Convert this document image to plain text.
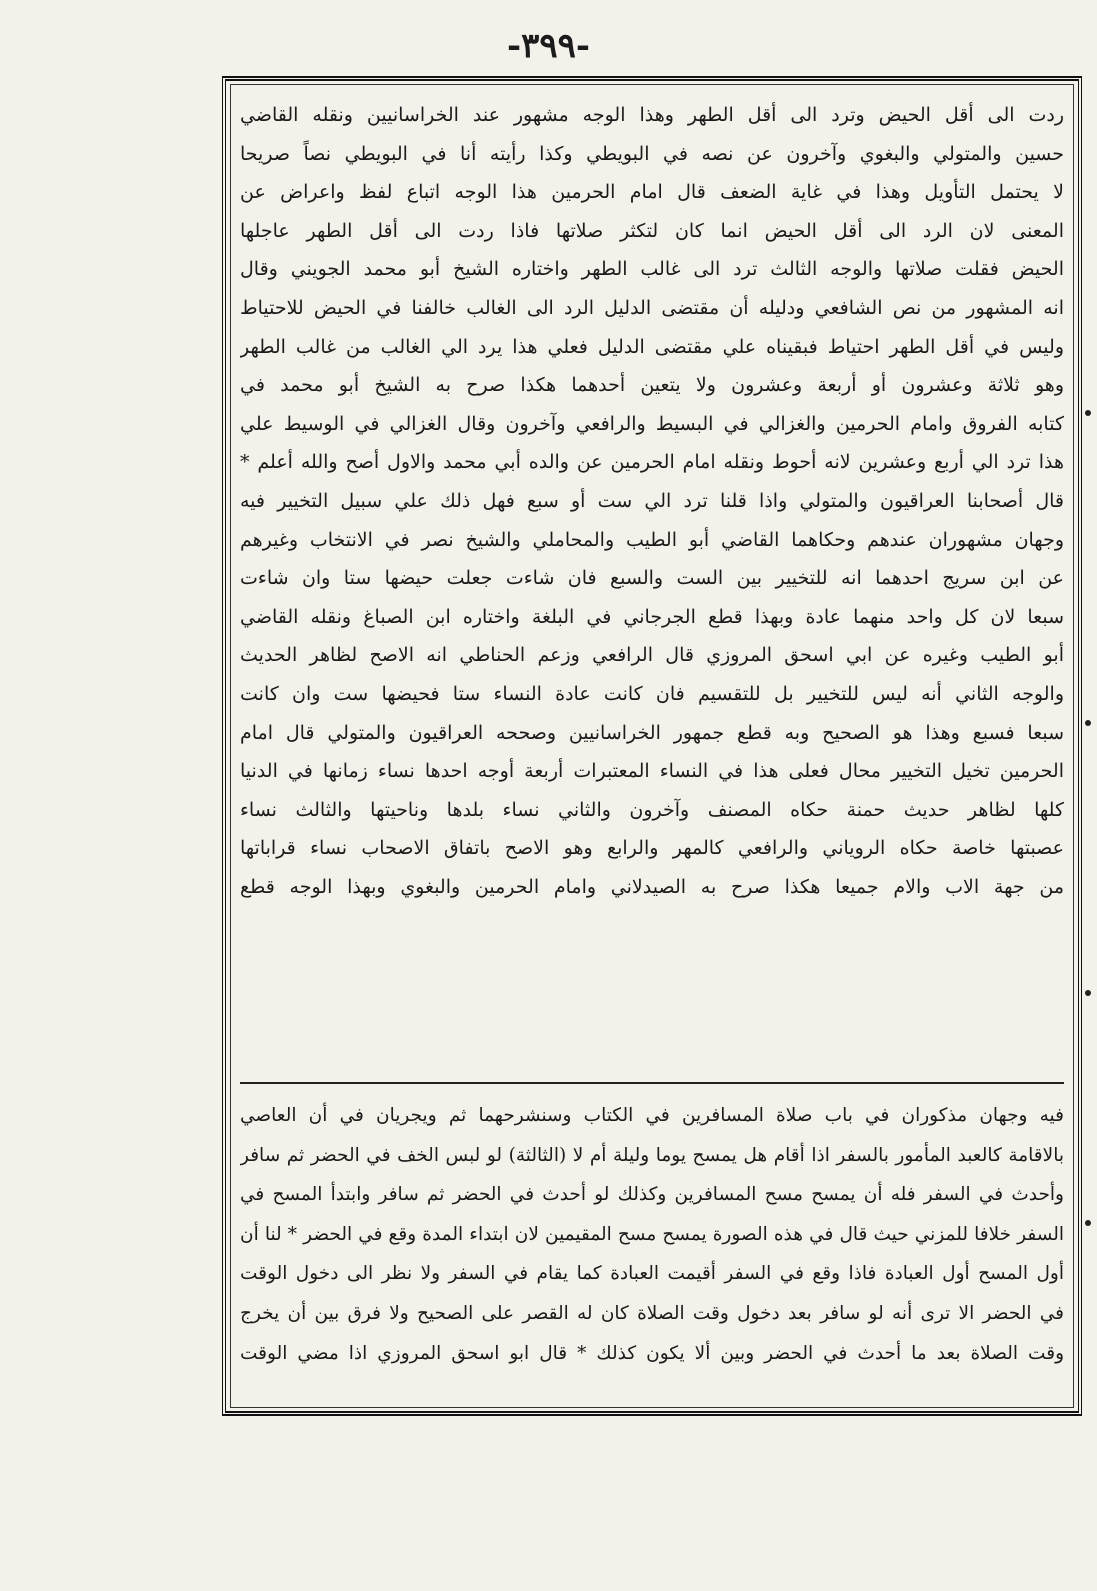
-٣٩٩-
ردت الى أقل الحيض وترد الى أقل الطهر وهذا الوجه مشهور عند الخراسانيين ونقله القاضي
حسين والمتولي والبغوي وآخرون عن نصه في البويطي وكذا رأيته أنا في البويطي نصاً صريحا
لا يحتمل التأويل وهذا في غاية الضعف قال امام الحرمين هذا الوجه اتباع لفظ واعراض عن
المعنى لان الرد الى أقل الحيض انما كان لتكثر صلاتها فاذا ردت الى أقل الطهر عاجلها
الحيض فقلت صلاتها والوجه الثالث ترد الى غالب الطهر واختاره الشيخ أبو محمد الجويني وقال
انه المشهور من نص الشافعي ودليله أن مقتضى الدليل الرد الى الغالب خالفنا في الحيض للاحتياط
وليس في أقل الطهر احتياط فبقيناه علي مقتضى الدليل فعلي هذا يرد الي الغالب من غالب الطهر
وهو ثلاثة وعشرون أو أربعة وعشرون ولا يتعين أحدهما هكذا صرح به الشيخ أبو محمد في
كتابه الفروق وامام الحرمين والغزالي في البسيط والرافعي وآخرون وقال الغزالي في الوسيط علي
هذا ترد الي أربع وعشرين لانه أحوط ونقله امام الحرمين عن والده أبي محمد والاول أصح والله أعلم *
قال أصحابنا العراقيون والمتولي واذا قلنا ترد الي ست أو سبع فهل ذلك علي سبيل التخيير فيه
وجهان مشهوران عندهم وحكاهما القاضي أبو الطيب والمحاملي والشيخ نصر في الانتخاب وغيرهم
عن ابن سريج احدهما انه للتخيير بين الست والسبع فان شاءت جعلت حيضها ستا وان شاءت
سبعا لان كل واحد منهما عادة وبهذا قطع الجرجاني في البلغة واختاره ابن الصباغ ونقله القاضي
أبو الطيب وغيره عن ابي اسحق المروزي قال الرافعي وزعم الحناطي انه الاصح لظاهر الحديث
والوجه الثاني أنه ليس للتخيير بل للتقسيم فان كانت عادة النساء ستا فحيضها ست وان كانت
سبعا فسبع وهذا هو الصحيح وبه قطع جمهور الخراسانيين وصححه العراقيون والمتولي قال امام
الحرمين تخيل التخيير محال فعلى هذا في النساء المعتبرات أربعة أوجه احدها نساء زمانها في الدنيا
كلها لظاهر حديث حمنة حكاه المصنف وآخرون والثاني نساء بلدها وناحيتها والثالث نساء
عصبتها خاصة حكاه الروياني والرافعي كالمهر والرابع وهو الاصح باتفاق الاصحاب نساء قراباتها
من جهة الاب والام جميعا هكذا صرح به الصيدلاني وامام الحرمين والبغوي وبهذا الوجه قطع
فيه وجهان مذكوران في باب صلاة المسافرين في الكتاب وسنشرحهما ثم ويجريان في أن العاصي
بالاقامة كالعبد المأمور بالسفر اذا أقام هل يمسح يوما وليلة أم لا (الثالثة) لو لبس الخف في الحضر ثم سافر
وأحدث في السفر فله أن يمسح مسح المسافرين وكذلك لو أحدث في الحضر ثم سافر وابتدأ المسح في
السفر خلافا للمزني حيث قال في هذه الصورة يمسح مسح المقيمين لان ابتداء المدة وقع في الحضر * لنا أن
أول المسح أول العبادة فاذا وقع في السفر أقيمت العبادة كما يقام في السفر ولا نظر الى دخول الوقت
في الحضر الا ترى أنه لو سافر بعد دخول وقت الصلاة كان له القصر على الصحيح ولا فرق بين أن يخرج
وقت الصلاة بعد ما أحدث في الحضر وبين ألا يكون كذلك * قال ابو اسحق المروزي اذا مضي الوقت
